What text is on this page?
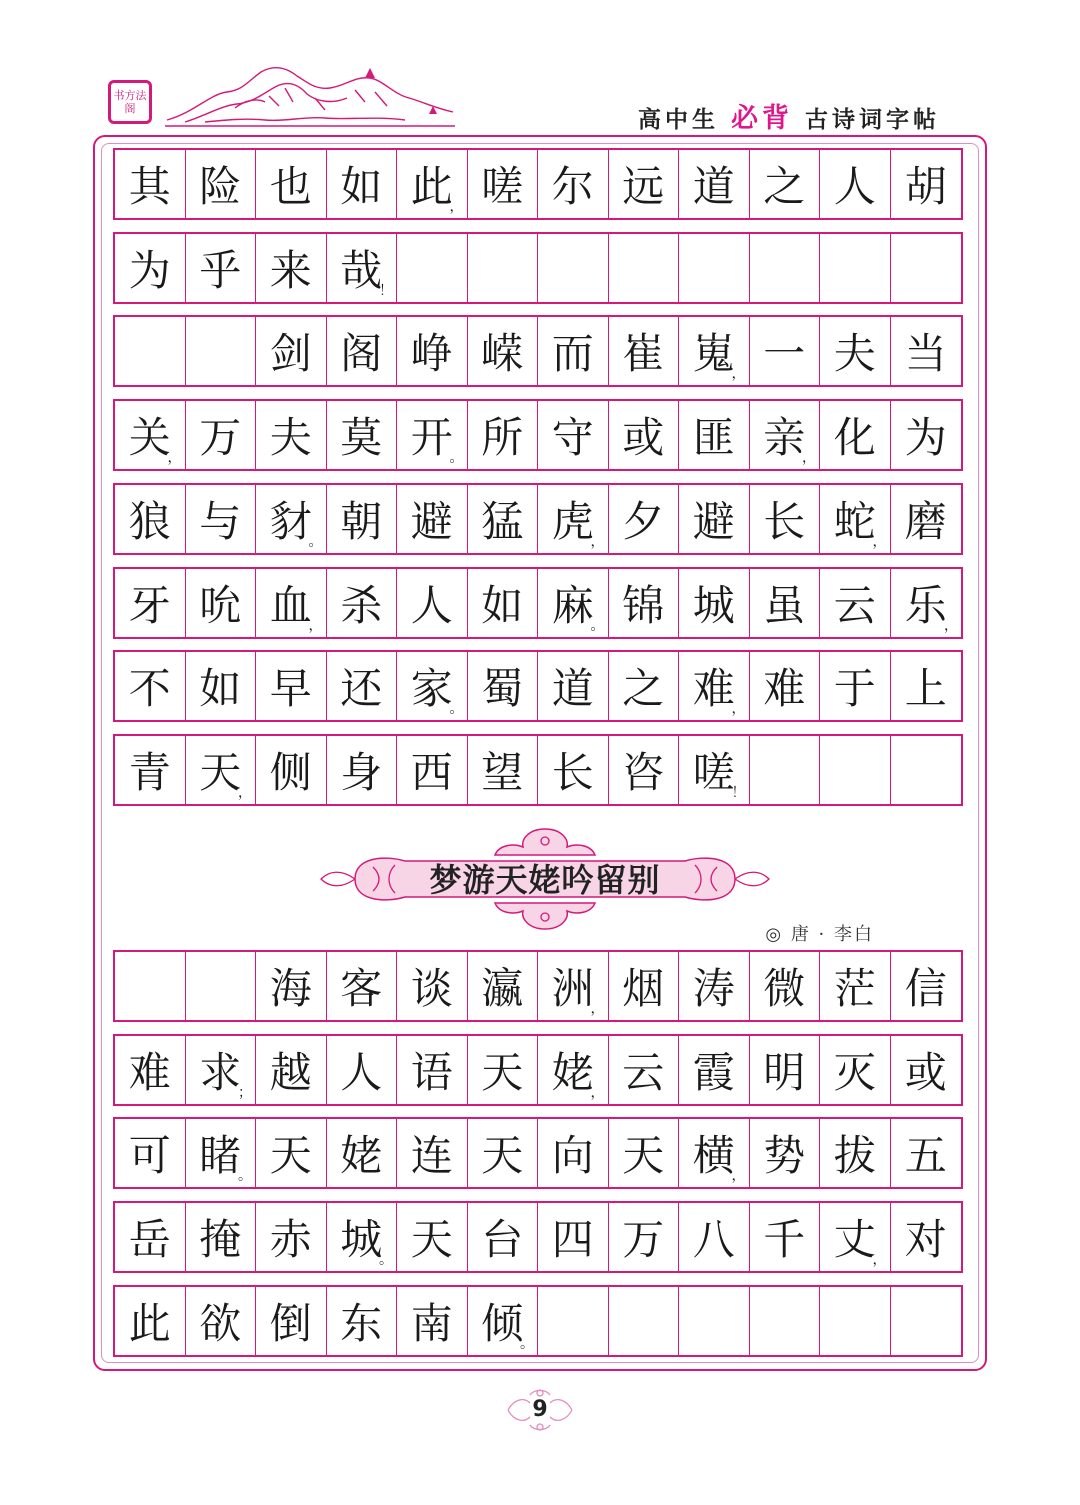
书方法阁	高中生 必背 古诗词字帖
其 险 也 如 此
， 嗟 尔 远 道 之 人 胡
为 乎 来 哉
！
剑 阁 峥 嵘 而 崔 嵬
， 一 夫 当
关
， 万 夫 莫 开
。 所 守 或 匪 亲
， 化 为
狼 与 豺
。 朝 避 猛 虎
， 夕 避 长 蛇
， 磨
牙 吮 血
， 杀 人 如 麻
。 锦 城 虽 云 乐
，
不 如 早 还 家
。 蜀 道 之 难
， 难 于 上
青 天
， 侧 身 西 望 长 咨 嗟
！
梦游天姥吟留别
◎ 唐 · 李白
海 客 谈 瀛 洲
， 烟 涛 微 茫 信
难 求
； 越 人 语 天 姥
， 云 霞 明 灭 或
可 睹
。 天 姥 连 天 向 天 横
， 势 拔 五
岳 掩 赤 城
。 天 台 四 万 八 千 丈
， 对
此 欲 倒 东 南 倾
。
9
